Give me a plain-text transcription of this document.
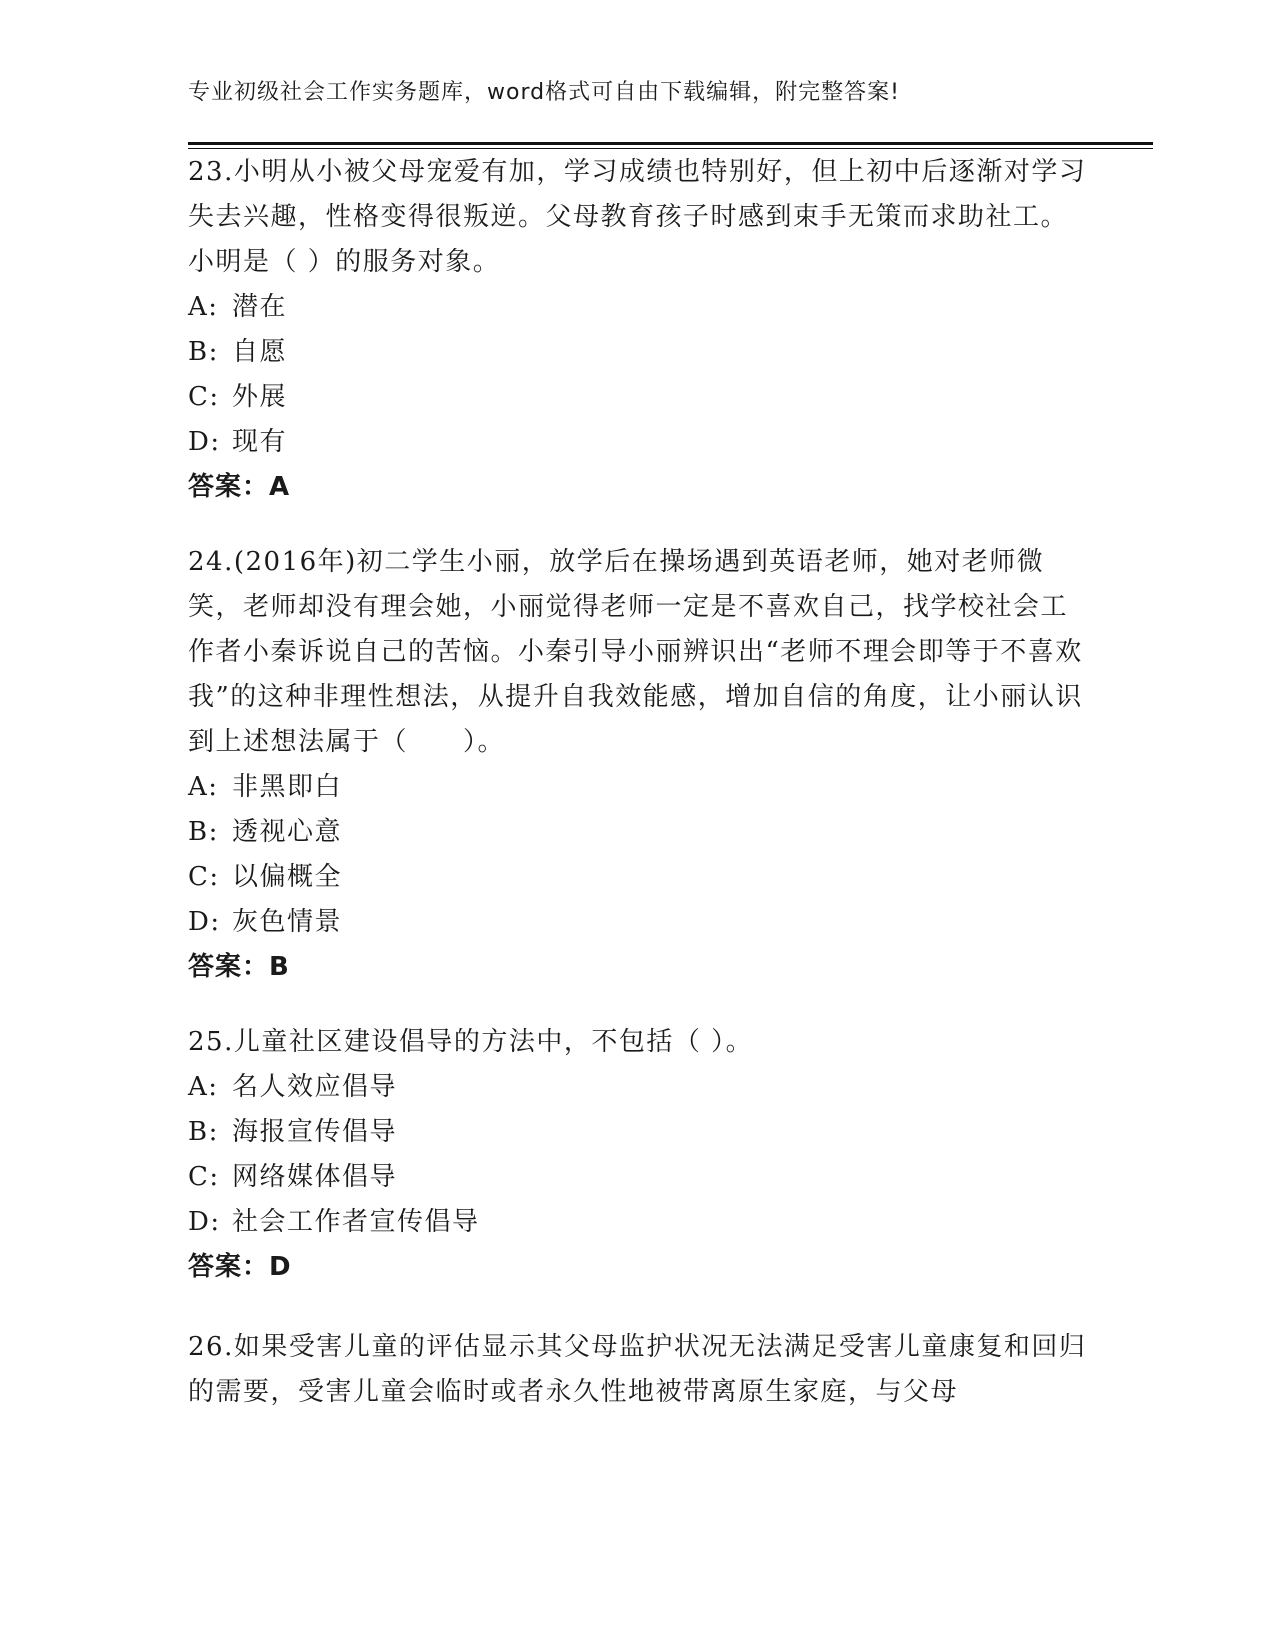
专业初级社会工作实务题库，word格式可自由下载编辑，附完整答案!

23.小明从小被父母宠爱有加，学习成绩也特别好，但上初中后逐渐对学习失去兴趣，性格变得很叛逆。父母教育孩子时感到束手无策而求助社工。小明是（ ）的服务对象。

A: 潜在

B: 自愿

C: 外展

D: 现有

答案：A

24.(2016年)初二学生小丽，放学后在操场遇到英语老师，她对老师微笑，老师却没有理会她，小丽觉得老师一定是不喜欢自己，找学校社会工作者小秦诉说自己的苦恼。小秦引导小丽辨识出“老师不理会即等于不喜欢我”的这种非理性想法，从提升自我效能感，增加自信的角度，让小丽认识到上述想法属于（　　）。

A: 非黑即白

B: 透视心意

C: 以偏概全

D: 灰色情景

答案：B

25.儿童社区建设倡导的方法中，不包括（ ）。

A: 名人效应倡导

B: 海报宣传倡导

C: 网络媒体倡导

D: 社会工作者宣传倡导

答案：D

26.如果受害儿童的评估显示其父母监护状况无法满足受害儿童康复和回归的需要，受害儿童会临时或者永久性地被带离原生家庭，与父母
